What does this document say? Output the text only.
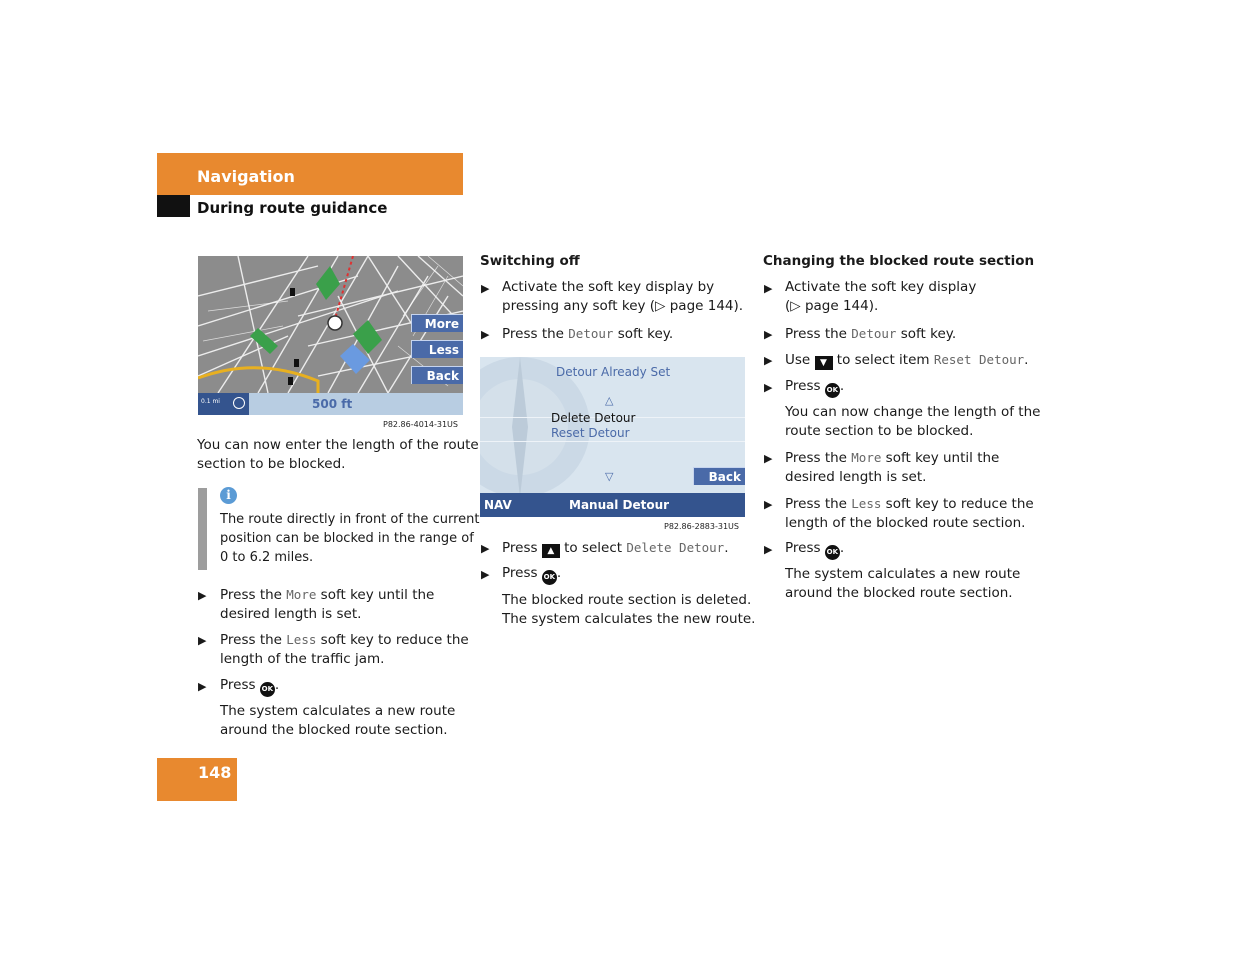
Navigation
During route guidance
More
Less
Back
0.1 mi	500 ft
P82.86-4014-31US
You can now enter the length of the route
section to be blocked.
i
The route directly in front of the current
position can be blocked in the range of
0 to 6.2 miles.
▶ Press the More soft key until the
desired length is set.
▶ Press the Less soft key to reduce the
length of the traffic jam.
▶ Press OK .
The system calculates a new route
around the blocked route section.
Switching off
▶ Activate the soft key display by
pressing any soft key (▷ page 144).
▶ Press the Detour soft key.
Detour Already Set
△
Delete Detour
Reset Detour
▽	Back
NAV	Manual Detour
P82.86-2883-31US
▶ Press ▲ to select Delete Detour.
▶ Press OK .
The blocked route section is deleted.
The system calculates the new route.
Changing the blocked route section
▶ Activate the soft key display
(▷ page 144).
▶ Press the Detour soft key.
▶ Use ▼ to select item Reset Detour.
▶ Press OK .
You can now change the length of the
route section to be blocked.
▶ Press the More soft key until the
desired length is set.
▶ Press the Less soft key to reduce the
length of the blocked route section.
▶ Press OK .
The system calculates a new route
around the blocked route section.
148
